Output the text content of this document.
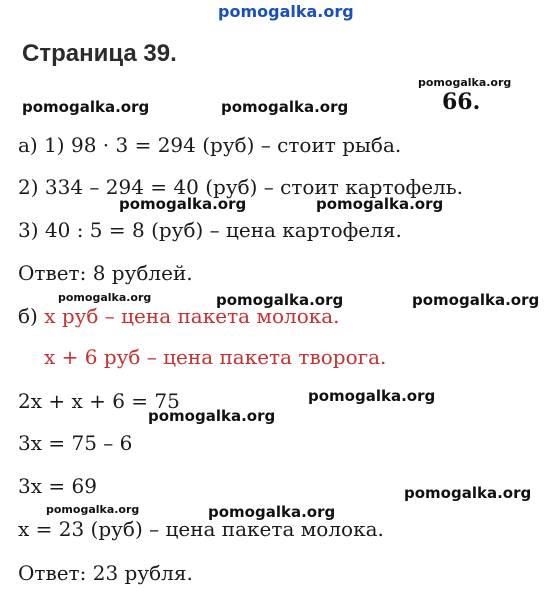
pomogalka.org
pomogalka.org
pomogalka.org	pomogalka.org
pomogalka.org	pomogalka.org
pomogalka.org	pomogalka.org	pomogalka.org
pomogalka.org
pomogalka.org
pomogalka.org
pomogalka.org	pomogalka.org
Страница 39.
66.
а) 1) 98 · 3 = 294 (руб) – стоит рыба.
2) 334 – 294 = 40 (руб) – стоит картофель.
3) 40 : 5 = 8 (руб) – цена картофеля.
Ответ: 8 рублей.
б) x руб – цена пакета молока.
x + 6 руб – цена пакета творога.
2x + x + 6 = 75
3x = 75 – 6
3x = 69
x = 23 (руб) – цена пакета молока.
Ответ: 23 рубля.
